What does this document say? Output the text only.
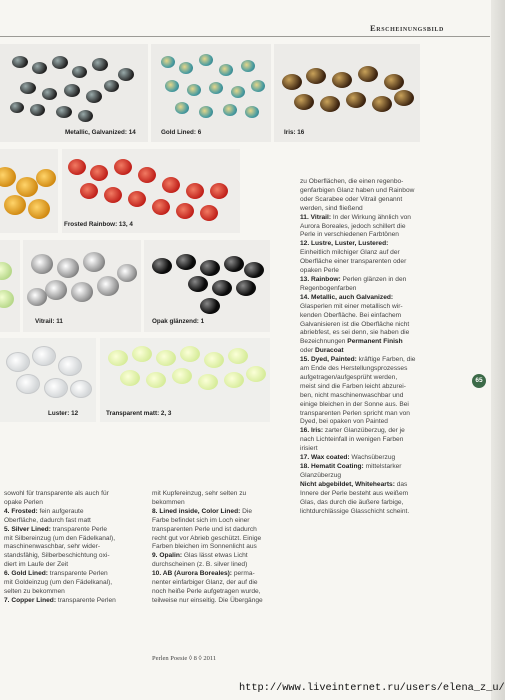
Erscheinungsbild
Metallic, Galvanized: 14	Gold Lined: 6	Iris: 16
Frosted Rainbow: 13, 4
Vitrail: 11	Opak glänzend: 1
Luster: 12	Transparent matt: 2, 3

zu Oberflächen, die einen regenbo-

genfarbigen Glanz haben und Rainbow

oder Scarabee oder Vitrail genannt

werden, sind fließend

11. Vitrail: In der Wirkung ähnlich von

Aurora Boreales, jedoch schillert die

Perle in verschiedenen Farbtönen

12. Lustre, Luster, Lustered:

Einheitlich milchiger Glanz auf der

Oberfläche einer transparenten oder

opaken Perle

13. Rainbow: Perlen glänzen in den

Regenbogenfarben

14. Metallic, auch Galvanized:

Glasperlen mit einer metallisch wir-

kenden Oberfläche. Bei einfachem

Galvanisieren ist die Oberfläche nicht

abriebfest, es sei denn, sie haben die

Bezeichnungen Permanent Finish

oder Duracoat

15. Dyed, Painted: kräftige Farben, die

am Ende des Herstellungsprozesses

aufgetragen/aufgesprüht werden,

meist sind die Farben leicht abzurei-

ben, nicht maschinenwaschbar und

einige bleichen in der Sonne aus. Bei

transparenten Perlen spricht man von

Dyed, bei opaken von Painted

16. Iris: zarter Glanzüberzug, der je

nach Lichteinfall in wenigen Farben

irisiert

17. Wax coated: Wachsüberzug

18. Hematit Coating: mittelstarker

Glanzüberzug

Nicht abgebildet, Whitehearts: das

Innere der Perle besteht aus weißem

Glas, das durch die äußere farbige,

lichtdurchlässige Glasschicht scheint.

sowohl für transparente als auch für

opake Perlen

4. Frosted: fein aufgeraute

Oberfläche, dadurch fast matt

5. Silver Lined: transparente Perle

mit Silbereinzug (um den Fädelkanal),

maschinenwaschbar, sehr wider-

standsfähig, Silberbeschichtung oxi-

diert im Laufe der Zeit

6. Gold Lined: transparente Perlen

mit Goldeinzug (um den Fädelkanal),

selten zu bekommen

7. Copper Lined: transparente Perlen

mit Kupfereinzug, sehr selten zu

bekommen

8. Lined inside, Color Lined: Die

Farbe befindet sich im Loch einer

transparenten Perle und ist dadurch

recht gut vor Abrieb geschützt. Einige

Farben bleichen im Sonnenlicht aus

9. Opalin: Glas lässt etwas Licht

durchscheinen (z. B. silver lined)

10. AB (Aurora Boreales): perma-

nenter einfarbiger Glanz, der auf die

noch heiße Perle aufgetragen wurde,

teilweise nur einseitig. Die Übergänge

65
Perlen Poesie ◊ 8 ◊ 2011
http://www.liveinternet.ru/users/elena_z_u/
